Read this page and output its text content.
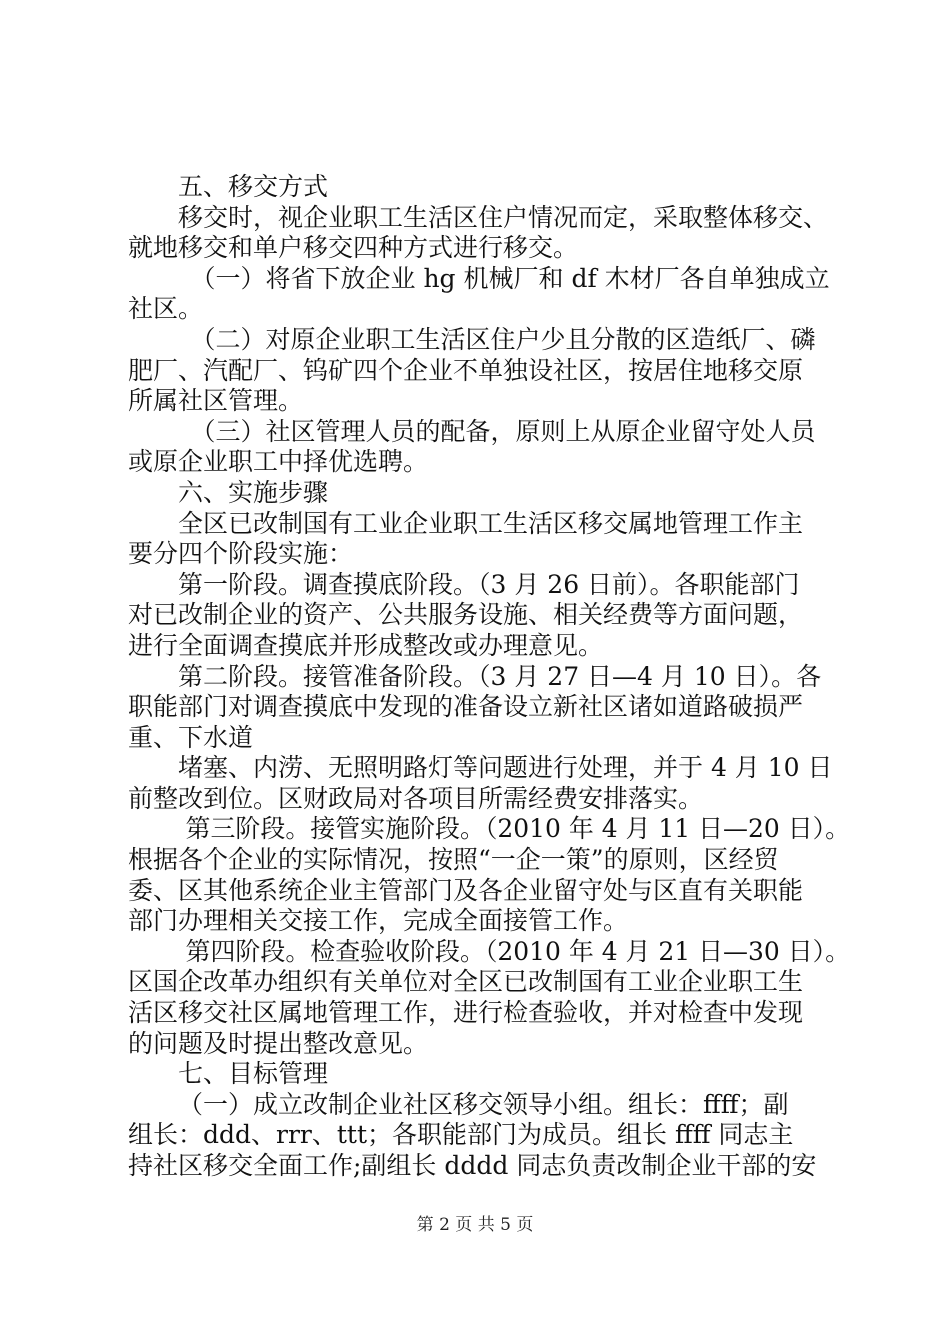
五、移交方式
移交时，视企业职工生活区住户情况而定，采取整体移交、
就地移交和单户移交四种方式进行移交。
（一）将省下放企业 hg 机械厂和 df 木材厂各自单独成立
社区。
（二）对原企业职工生活区住户少且分散的区造纸厂、磷
肥厂、汽配厂、钨矿四个企业不单独设社区，按居住地移交原
所属社区管理。
（三）社区管理人员的配备，原则上从原企业留守处人员
或原企业职工中择优选聘。
六、实施步骤
全区已改制国有工业企业职工生活区移交属地管理工作主
要分四个阶段实施：
第一阶段。调查摸底阶段。（3 月 26 日前）。各职能部门
对已改制企业的资产、公共服务设施、相关经费等方面问题，
进行全面调查摸底并形成整改或办理意见。
第二阶段。接管准备阶段。（3 月 27 日—4 月 10 日）。各
职能部门对调查摸底中发现的准备设立新社区诸如道路破损严
重、下水道
堵塞、内涝、无照明路灯等问题进行处理，并于 4 月 10 日
前整改到位。区财政局对各项目所需经费安排落实。
第三阶段。接管实施阶段。（2010 年 4 月 11 日—20 日）。
根据各个企业的实际情况，按照“一企一策”的原则，区经贸
委、区其他系统企业主管部门及各企业留守处与区直有关职能
部门办理相关交接工作，完成全面接管工作。
第四阶段。检查验收阶段。（2010 年 4 月 21 日—30 日）。
区国企改革办组织有关单位对全区已改制国有工业企业职工生
活区移交社区属地管理工作，进行检查验收，并对检查中发现
的问题及时提出整改意见。
七、目标管理
（一）成立改制企业社区移交领导小组。组长：ffff；副
组长：ddd、rrr、ttt；各职能部门为成员。组长 ffff 同志主
持社区移交全面工作;副组长 dddd 同志负责改制企业干部的安
第 2 页 共 5 页
